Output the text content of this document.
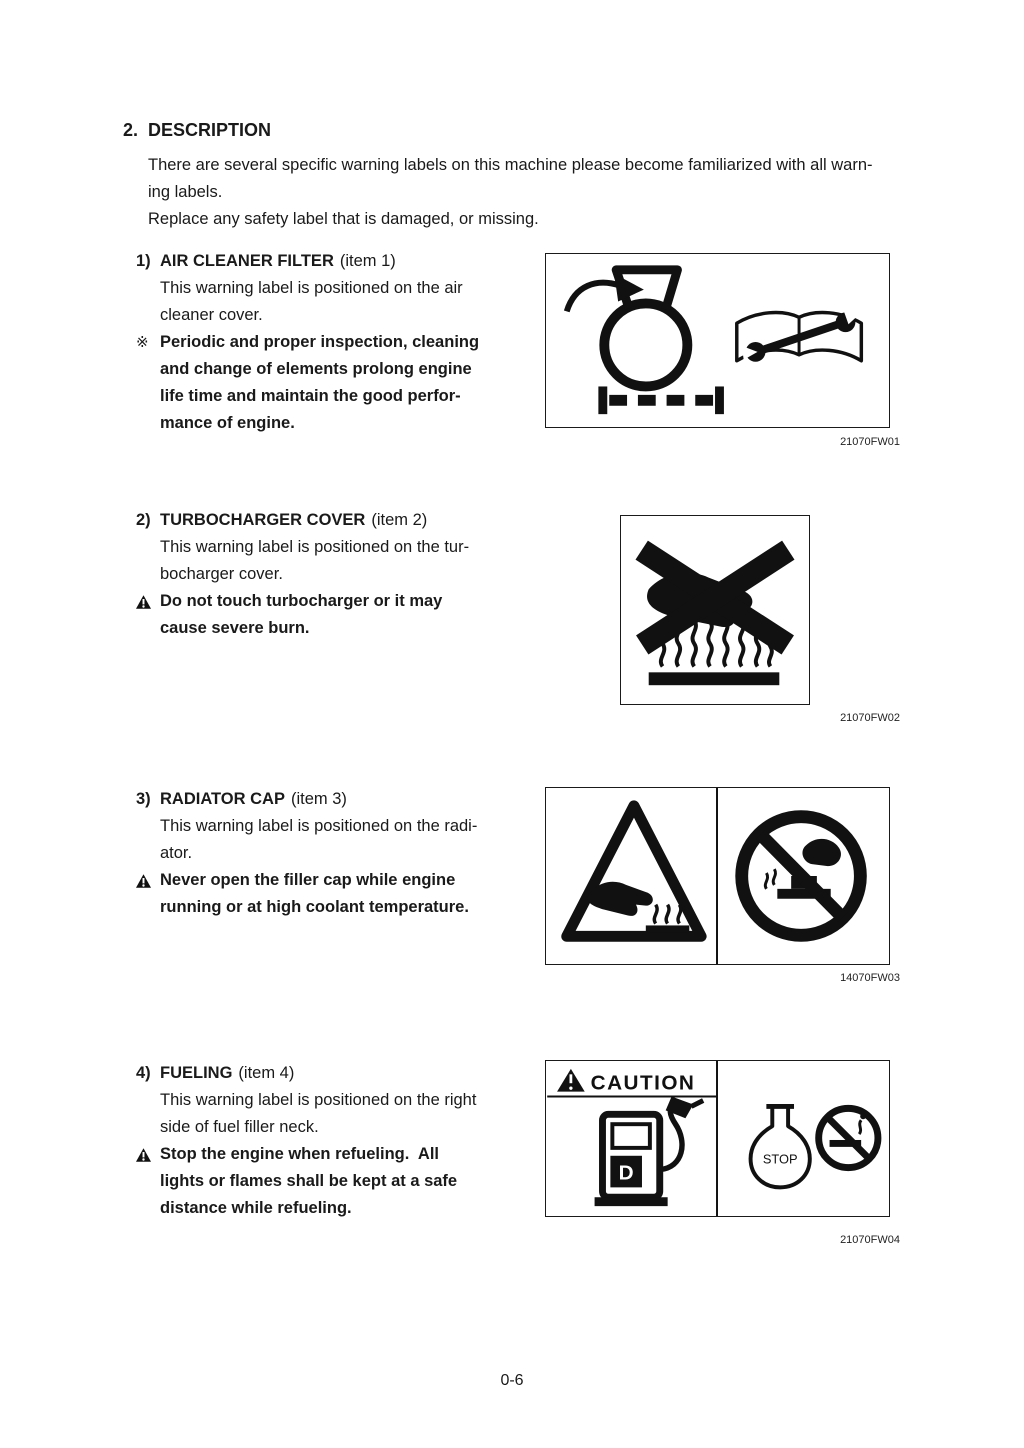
2. DESCRIPTION
There are several specific warning labels on this machine please become familiarized with all warn-
ing labels.
Replace any safety label that is damaged, or missing.
1) AIR CLEANER FILTER (item 1)
This warning label is positioned on the air
cleaner cover.
※ Periodic and proper inspection, cleaning
and change of elements prolong engine
life time and maintain the good perfor-
mance of engine.
21070FW01
2) TURBOCHARGER COVER (item 2)
This warning label is positioned on the tur-
bocharger cover.
Do not touch turbocharger or it may
cause severe burn.
21070FW02
3) RADIATOR CAP (item 3)
This warning label is positioned on the radi-
ator.
Never open the filler cap while engine
running or at high coolant temperature.
14070FW03
4) FUELING (item 4)
This warning label is positioned on the right
side of fuel filler neck.
Stop the engine when refueling.  All
lights or flames shall be kept at a safe
distance while refueling.
CAUTION
D
STOP
21070FW04
0-6
